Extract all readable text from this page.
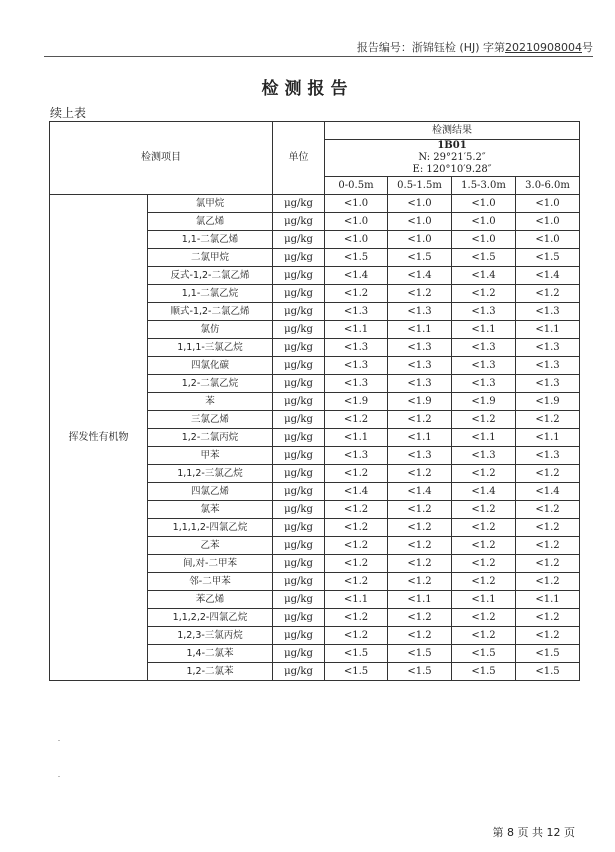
报告编号：浙锦钰检 (HJ) 字第20210908004号
检测报告
续上表
检测项目		单位	检测结果			

			1B01
N: 29°21′5.2″
E: 120°10′9.28″			

			0-0.5m	0.5-1.5m	1.5-3.0m	3.0-6.0m
挥发性有机物	氯甲烷	μg/kg	<1.0	<1.0	<1.0	<1.0
	氯乙烯	μg/kg	<1.0	<1.0	<1.0	<1.0
	1,1-二氯乙烯	μg/kg	<1.0	<1.0	<1.0	<1.0
	二氯甲烷	μg/kg	<1.5	<1.5	<1.5	<1.5
	反式-1,2-二氯乙烯	μg/kg	<1.4	<1.4	<1.4	<1.4
	1,1-二氯乙烷	μg/kg	<1.2	<1.2	<1.2	<1.2
	顺式-1,2-二氯乙烯	μg/kg	<1.3	<1.3	<1.3	<1.3
	氯仿	μg/kg	<1.1	<1.1	<1.1	<1.1
	1,1,1-三氯乙烷	μg/kg	<1.3	<1.3	<1.3	<1.3
	四氯化碳	μg/kg	<1.3	<1.3	<1.3	<1.3
	1,2-二氯乙烷	μg/kg	<1.3	<1.3	<1.3	<1.3
	苯	μg/kg	<1.9	<1.9	<1.9	<1.9
	三氯乙烯	μg/kg	<1.2	<1.2	<1.2	<1.2
	1,2-二氯丙烷	μg/kg	<1.1	<1.1	<1.1	<1.1
	甲苯	μg/kg	<1.3	<1.3	<1.3	<1.3
	1,1,2-三氯乙烷	μg/kg	<1.2	<1.2	<1.2	<1.2
	四氯乙烯	μg/kg	<1.4	<1.4	<1.4	<1.4
	氯苯	μg/kg	<1.2	<1.2	<1.2	<1.2
	1,1,1,2-四氯乙烷	μg/kg	<1.2	<1.2	<1.2	<1.2
	乙苯	μg/kg	<1.2	<1.2	<1.2	<1.2
	间,对-二甲苯	μg/kg	<1.2	<1.2	<1.2	<1.2
	邻-二甲苯	μg/kg	<1.2	<1.2	<1.2	<1.2
	苯乙烯	μg/kg	<1.1	<1.1	<1.1	<1.1
	1,1,2,2-四氯乙烷	μg/kg	<1.2	<1.2	<1.2	<1.2
	1,2,3-三氯丙烷	μg/kg	<1.2	<1.2	<1.2	<1.2
	1,4-二氯苯	μg/kg	<1.5	<1.5	<1.5	<1.5
	1,2-二氯苯	μg/kg	<1.5	<1.5	<1.5	<1.5
第 8 页 共 12 页
